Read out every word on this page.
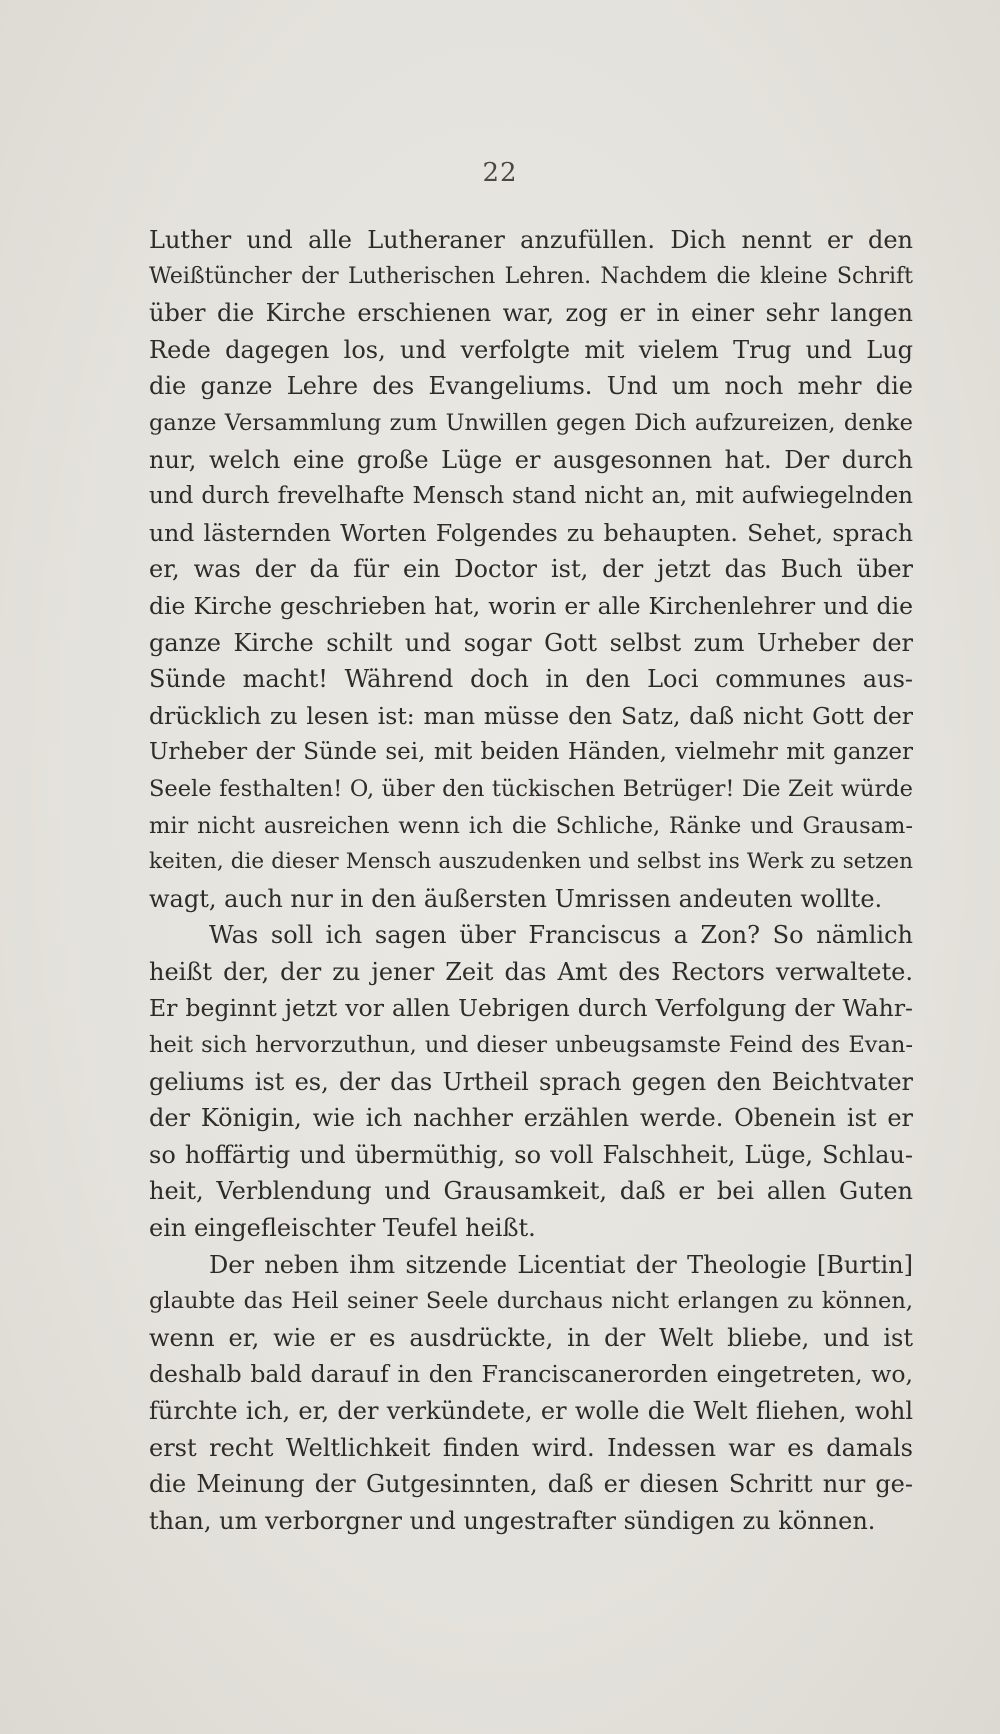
22
Luther und alle Lutheraner anzufüllen. Dich nennt er den
Weißtüncher der Lutherischen Lehren. Nachdem die kleine Schrift
über die Kirche erschienen war, zog er in einer sehr langen
Rede dagegen los, und verfolgte mit vielem Trug und Lug
die ganze Lehre des Evangeliums. Und um noch mehr die
ganze Versammlung zum Unwillen gegen Dich aufzureizen, denke
nur, welch eine große Lüge er ausgesonnen hat. Der durch
und durch frevelhafte Mensch stand nicht an, mit aufwiegelnden
und lästernden Worten Folgendes zu behaupten. Sehet, sprach
er, was der da für ein Doctor ist, der jetzt das Buch über
die Kirche geschrieben hat, worin er alle Kirchenlehrer und die
ganze Kirche schilt und sogar Gott selbst zum Urheber der
Sünde macht! Während doch in den Loci communes aus-
drücklich zu lesen ist: man müsse den Satz, daß nicht Gott der
Urheber der Sünde sei, mit beiden Händen, vielmehr mit ganzer
Seele festhalten! O, über den tückischen Betrüger! Die Zeit würde
mir nicht ausreichen wenn ich die Schliche, Ränke und Grausam-
keiten, die dieser Mensch auszudenken und selbst ins Werk zu setzen
wagt, auch nur in den äußersten Umrissen andeuten wollte.
Was soll ich sagen über Franciscus a Zon? So nämlich
heißt der, der zu jener Zeit das Amt des Rectors verwaltete.
Er beginnt jetzt vor allen Uebrigen durch Verfolgung der Wahr-
heit sich hervorzuthun, und dieser unbeugsamste Feind des Evan-
geliums ist es, der das Urtheil sprach gegen den Beichtvater
der Königin, wie ich nachher erzählen werde. Obenein ist er
so hoffärtig und übermüthig, so voll Falschheit, Lüge, Schlau-
heit, Verblendung und Grausamkeit, daß er bei allen Guten
ein eingefleischter Teufel heißt.
Der neben ihm sitzende Licentiat der Theologie [Burtin]
glaubte das Heil seiner Seele durchaus nicht erlangen zu können,
wenn er, wie er es ausdrückte, in der Welt bliebe, und ist
deshalb bald darauf in den Franciscanerorden eingetreten, wo,
fürchte ich, er, der verkündete, er wolle die Welt fliehen, wohl
erst recht Weltlichkeit finden wird. Indessen war es damals
die Meinung der Gutgesinnten, daß er diesen Schritt nur ge-
than, um verborgner und ungestrafter sündigen zu können.
